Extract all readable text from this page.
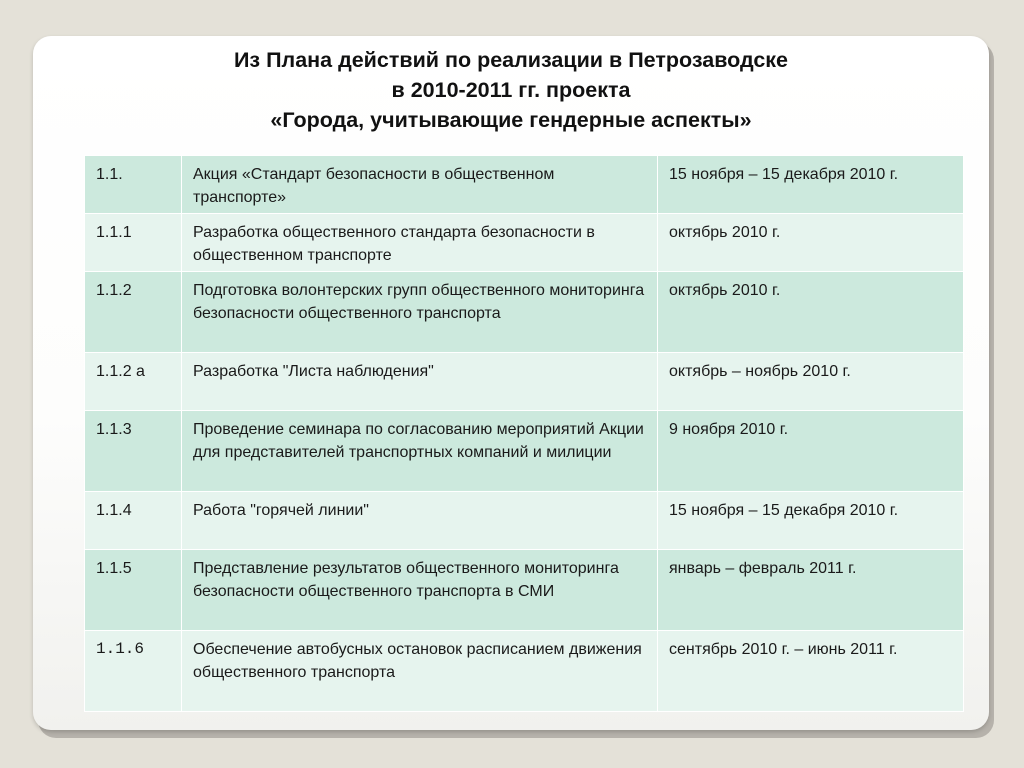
Из Плана действий по реализации в Петрозаводске
в 2010-2011 гг. проекта
«Города, учитывающие гендерные аспекты»
1.1.	Акция «Стандарт безопасности в общественном транспорте»	15 ноября – 15 декабря 2010 г.
1.1.1	Разработка общественного стандарта безопасности в общественном транспорте	октябрь 2010 г.
1.1.2	Подготовка волонтерских групп общественного мониторинга безопасности общественного транспорта	октябрь 2010 г.
1.1.2 а	Разработка "Листа наблюдения"	октябрь – ноябрь 2010 г.
1.1.3	Проведение семинара по согласованию мероприятий Акции для представителей транспортных компаний и милиции	9 ноября 2010 г.
1.1.4	Работа "горячей линии"	15 ноября – 15 декабря 2010 г.
1.1.5	Представление результатов общественного мониторинга безопасности общественного транспорта в СМИ	январь – февраль 2011 г.
1.1.6	Обеспечение автобусных остановок расписанием движения общественного транспорта	сентябрь 2010 г. – июнь 2011 г.
